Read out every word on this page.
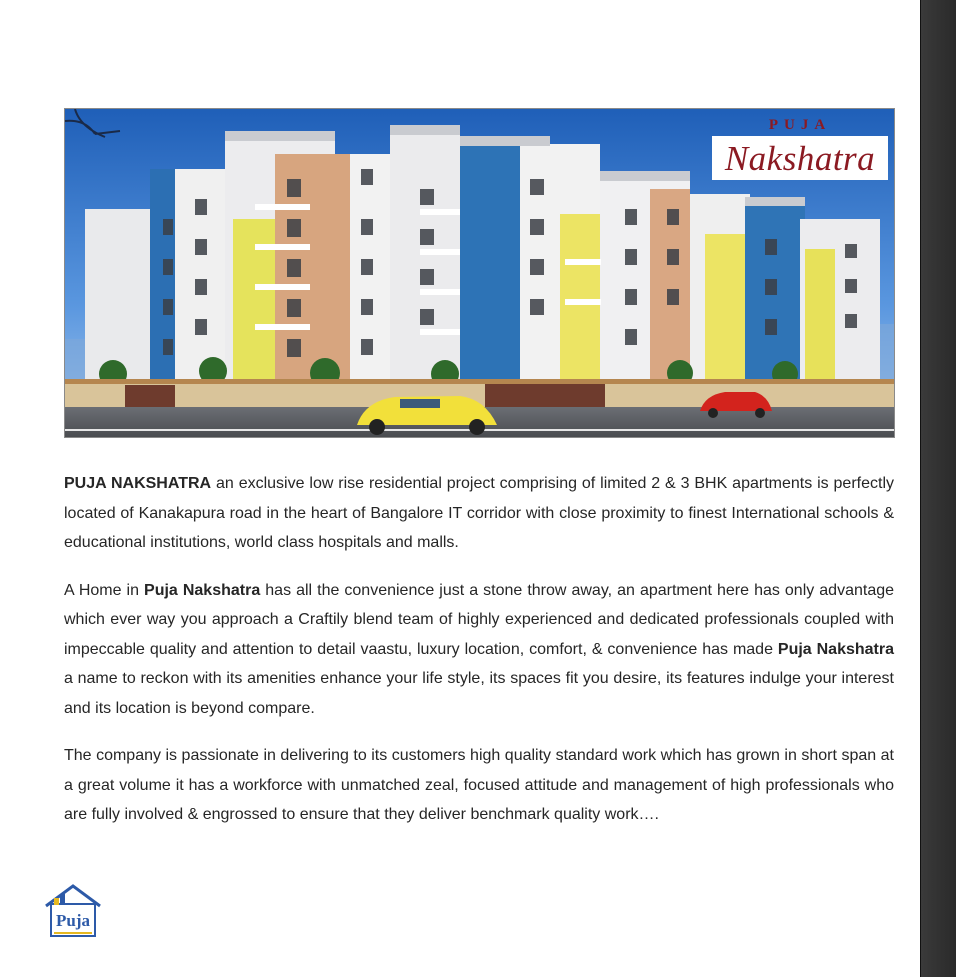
PUJA
Nakshatra

PUJA NAKSHATRA an exclusive low rise residential project comprising of limited 2 & 3 BHK apartments is perfectly located of Kanakapura road in the heart of Bangalore IT corridor with close proximity to finest International schools & educational institutions, world class hospitals and malls.

A Home in Puja Nakshatra has all the convenience just a stone throw away, an apartment here has only advantage which ever way you approach a Craftily blend team of highly experienced and dedicated professionals coupled with impeccable quality and attention to detail vaastu, luxury location, comfort, & convenience has made Puja Nakshatra a name to reckon with its amenities enhance your life style, its spaces fit you desire, its features indulge your interest and its location is beyond compare.

The company is passionate in delivering to its customers high quality standard work which has grown in short span at a great volume it has a workforce with unmatched zeal, focused attitude and management of high professionals who are fully involved & engrossed to ensure that they deliver benchmark quality work….

Puja
